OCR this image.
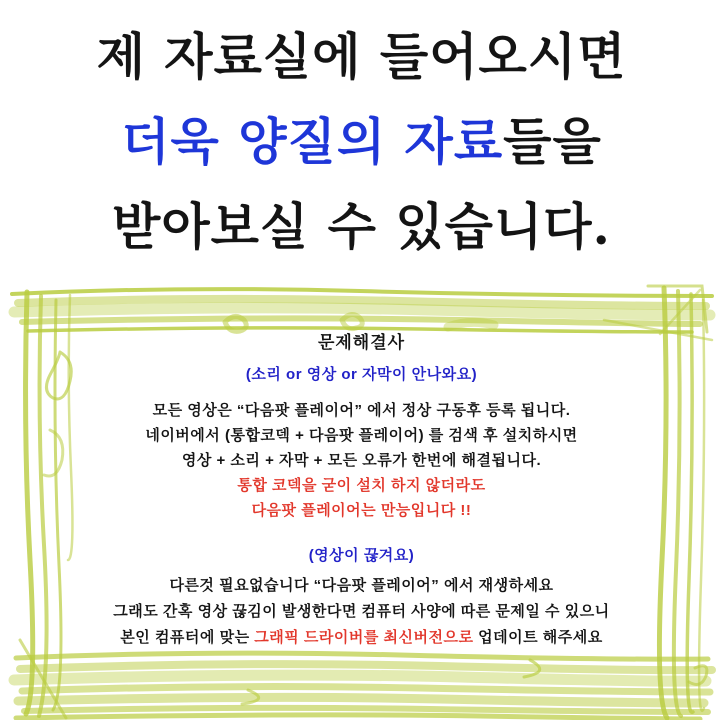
제 자료실에 들어오시면
더욱 양질의 자료들을
받아보실 수 있습니다.
문제해결사
(소리 or 영상 or 자막이 안나와요)
모든 영상은 “다음팟 플레이어” 에서 정상 구동후 등록 됩니다.
네이버에서 (통합코덱 + 다음팟 플레이어) 를 검색 후 설치하시면
영상 + 소리 + 자막 + 모든 오류가 한번에 해결됩니다.
통합 코덱을 굳이 설치 하지 않더라도
다음팟 플레이어는 만능입니다 !!
(영상이 끊겨요)
다른것 필요없습니다 “다음팟 플레이어” 에서 재생하세요
그래도 간혹 영상 끊김이 발생한다면 컴퓨터 사양에 따른 문제일 수 있으니
본인 컴퓨터에 맞는 그래픽 드라이버를 최신버전으로 업데이트 해주세요
